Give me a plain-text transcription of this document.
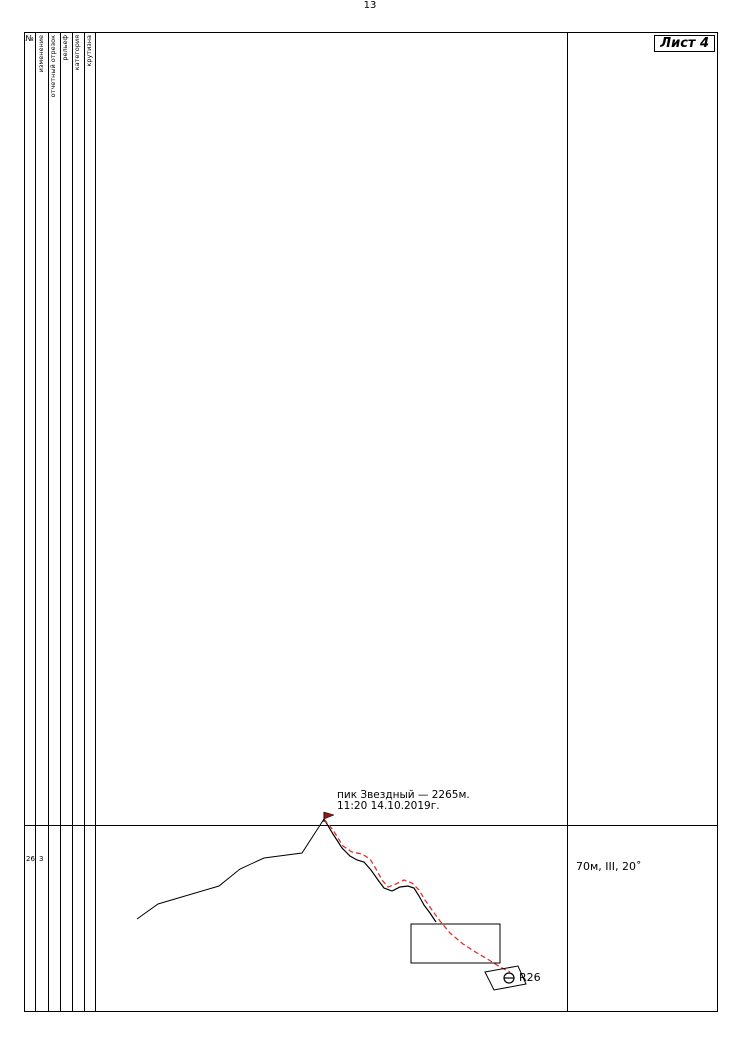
13
№ изменение отчетный отрезок рельеф категория крутизна	Лист 4
26 3
70м, III, 20˚
пик Звездный — 2265м.
11:20 14.10.2019г.
R26
